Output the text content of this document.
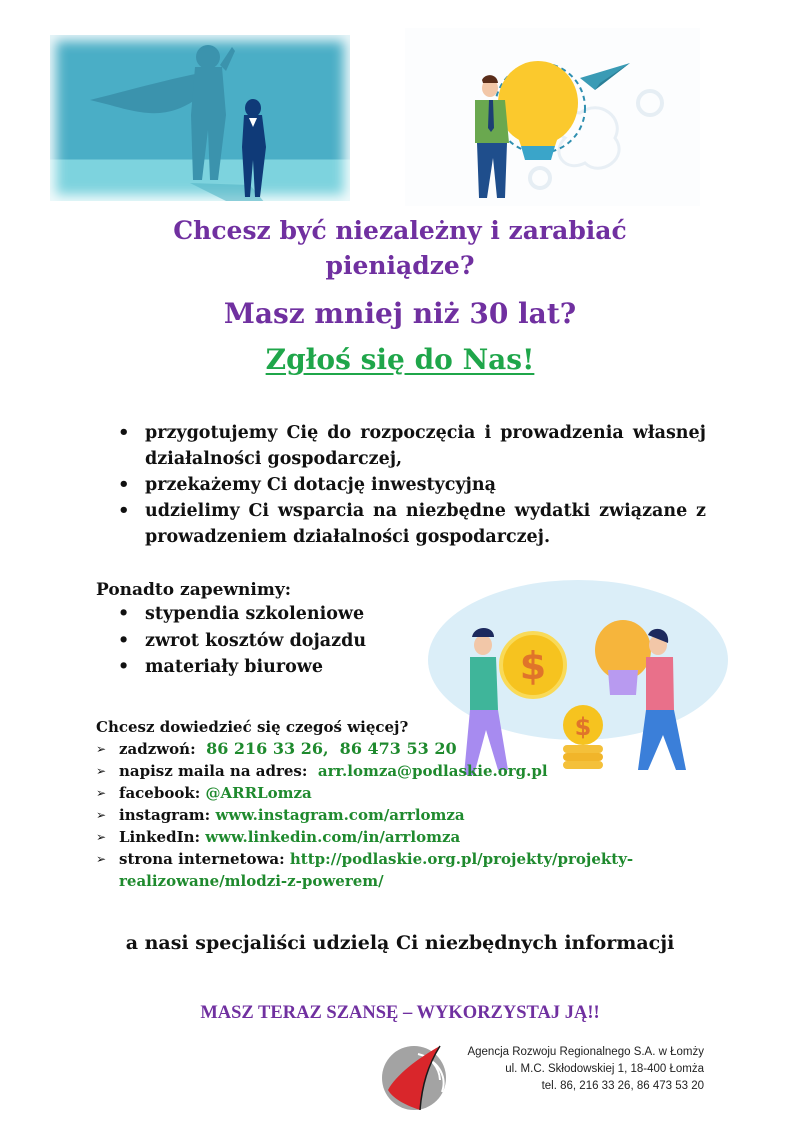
Chcesz być niezależny i zarabiać
pieniądze?
Masz mniej niż 30 lat?
Zgłoś się do Nas!
• przygotujemy Cię do rozpoczęcia i prowadzenia własnej działalności gospodarczej,
• przekażemy Ci dotację inwestycyjną
• udzielimy Ci wsparcia na niezbędne wydatki związane z prowadzeniem działalności gospodarczej.
Ponadto zapewnimy:
• stypendia szkoleniowe
• zwrot kosztów dojazdu
• materiały biurowe	$
$
Chcesz dowiedzieć się czegoś więcej?
➢ zadzwoń: 86 216 33 26,  86 473 53 20
➢ napisz maila na adres: arr.lomza@podlaskie.org.pl
➢ facebook: @ARRLomza
➢ instagram: www.instagram.com/arrlomza
➢ LinkedIn: www.linkedin.com/in/arrlomza
➢ strona internetowa: http://podlaskie.org.pl/projekty/projekty-realizowane/mlodzi-z-powerem/
a nasi specjaliści udzielą Ci niezbędnych informacji
MASZ TERAZ SZANSĘ – WYKORZYSTAJ JĄ!!
Agencja Rozwoju Regionalnego S.A. w Łomży
ul. M.C. Skłodowskiej 1, 18-400 Łomża
tel. 86, 216 33 26, 86 473 53 20
